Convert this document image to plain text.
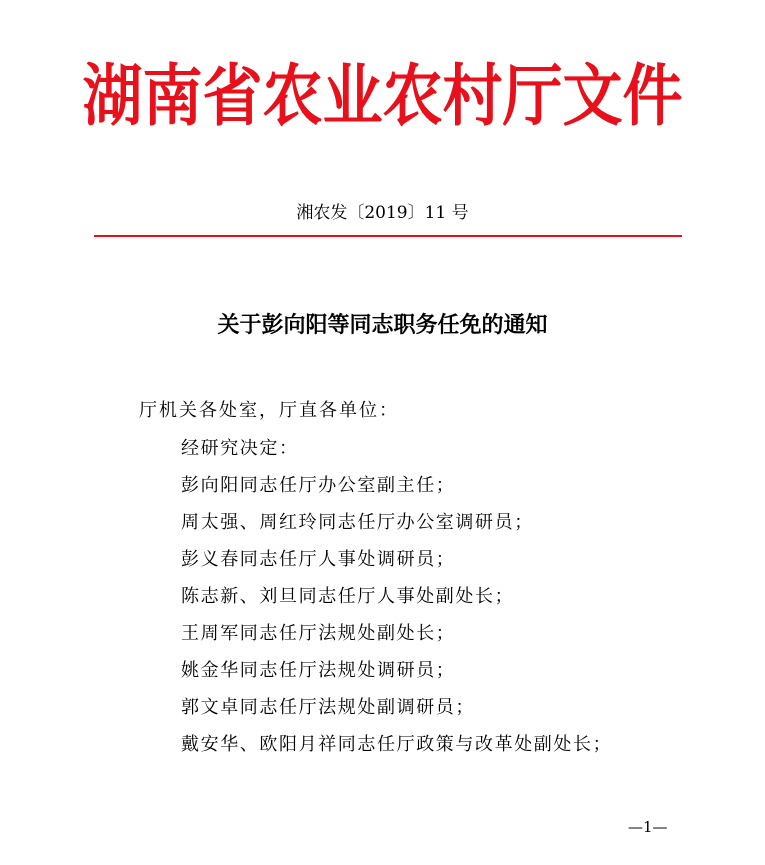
湖南省农业农村厅文件
湘农发〔2019〕11 号
关于彭向阳等同志职务任免的通知
厅机关各处室，厅直各单位：
经研究决定：
彭向阳同志任厅办公室副主任；
周太强、周红玲同志任厅办公室调研员；
彭义春同志任厅人事处调研员；
陈志新、刘旦同志任厅人事处副处长；
王周军同志任厅法规处副处长；
姚金华同志任厅法规处调研员；
郭文卓同志任厅法规处副调研员；
戴安华、欧阳月祥同志任厅政策与改革处副处长；
—1—
